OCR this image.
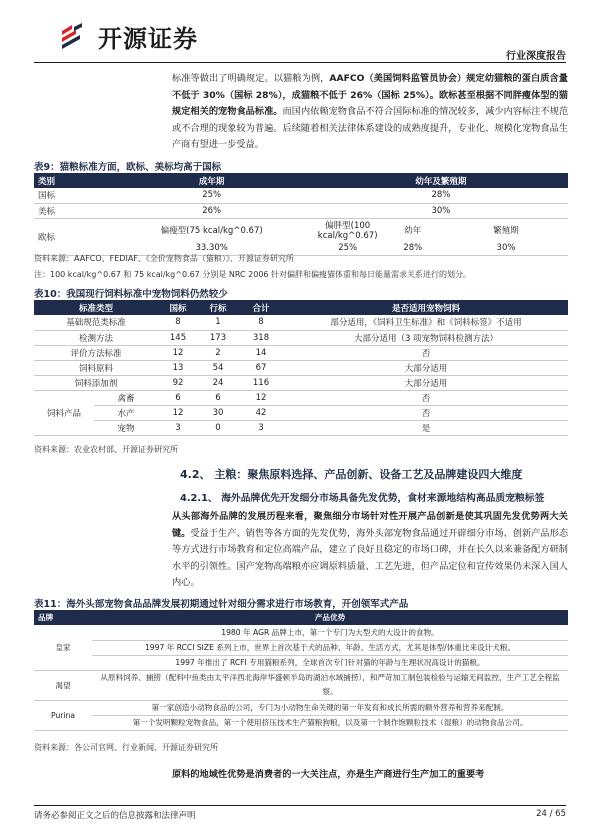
开源证券
行业深度报告
标准等做出了明确规定。以猫粮为例，AAFCO（美国饲料监管员协会）规定幼猫粮的蛋白质含量不低于 30%（国标 28%），成猫粮不低于 26%（国标 25%）。欧标甚至根据不同胖瘦体型的猫规定相关的宠物食品标准。而国内依赖宠物食品不符合国际标准的情况较多，减少内容标注不规范或不合理的现象较为普遍。后续随着相关法律体系建设的成熟度提升，专业化、规模化宠物食品生产商有望进一步受益。
表9：猫粮标准方面，欧标、美标均高于国标
类别	成年期	幼年及繁殖期		
国标	25%	28%		
美标	26%	30%		
欧标	偏瘦型(75 kcal/kg^0.67)	偏胖型(100 kcal/kg^0.67)	幼年	繁殖期
	33.30%	25%	28%	30%
资料来源：AAFCO、FEDIAF、《全价宠物食品（猫粮）》、开源证券研究所
注：100 kcal/kg^0.67 和 75 kcal/kg^0.67 分别是 NRC 2006 针对偏胖和偏瘦猫体重和每日能量需求关系进行的划分。
表10：我国现行饲料标准中宠物饲料仍然较少
标准类型		国标	行标	合计	是否适用宠物饲料
基础规范类标准		8	1	8	部分适用，《饲料卫生标准》和《饲料标签》不适用
检测方法		145	173	318	大部分适用（3 项宠物饲料检测方法）
评价方法标准		12	2	14	否
饲料原料		13	54	67	大部分适用
饲料添加剂		92	24	116	大部分适用
饲料产品	禽畜	6	6	12	否
	水产	12	30	42	否
	宠物	3	0	3	是
资料来源：农业农村部、开源证券研究所
4.2、 主粮：聚焦原料选择、产品创新、设备工艺及品牌建设四大维度
4.2.1、 海外品牌优先开发细分市场具备先发优势，食材来源地结构高品质宠粮标签
从头部海外品牌的发展历程来看，聚焦细分市场针对性开展产品创新是使其巩固先发优势两大关键。受益于生产、销售等各方面的先发优势，海外头部宠物食品通过开辟细分市场、创新产品形态等方式进行市场教育和定位高端产品，建立了良好且稳定的市场口碑，并在长久以来兼备配方研制水平的引领性。国产宠物高端粮亦应调原料质量、工艺先进，但产品定位和宣传效果仍未深入国人内心。
表11：海外头部宠物食品品牌发展初期通过针对细分需求进行市场教育，开创领军式产品
品牌	产品优势
皇家	1980 年 AGR 品牌上市，第一个专门为大型犬的大设计的食物。
	1997 年 RCCI SIZE 系列上市，世界上首次基于犬的品种、年龄、生活方式，尤其是体型/体重比来设计犬粮。
	1997 年推出了 RCFI 专用猫粮系列，全球首次专门针对猫的年龄与生理状况高设计的猫粮。
渴望	从原料饲养、捕捞（配料中鱼类由太平洋西北海岸华盛顿半岛的湖泊水域捕捞），和严苛加工制包装检验与运输无间监控，生产工艺全程监察。
Purina	第一家创造小动物食品的公司，专门为小动物生命关键的第一年发育和成长所需的额外营养和营养来配制。
	第一个发明颗粒宠物食品，第一个使用挤压技术生产猫粮狗粮，以及第一个制作饱颗粒技术（湿粮）的动物食品公司。
资料来源：各公司官网、行业新闻、开源证券研究所
原料的地域性优势是消费者的一大关注点，亦是生产商进行生产加工的重要考
请务必参阅正文之后的信息披露和法律声明	24 / 65
